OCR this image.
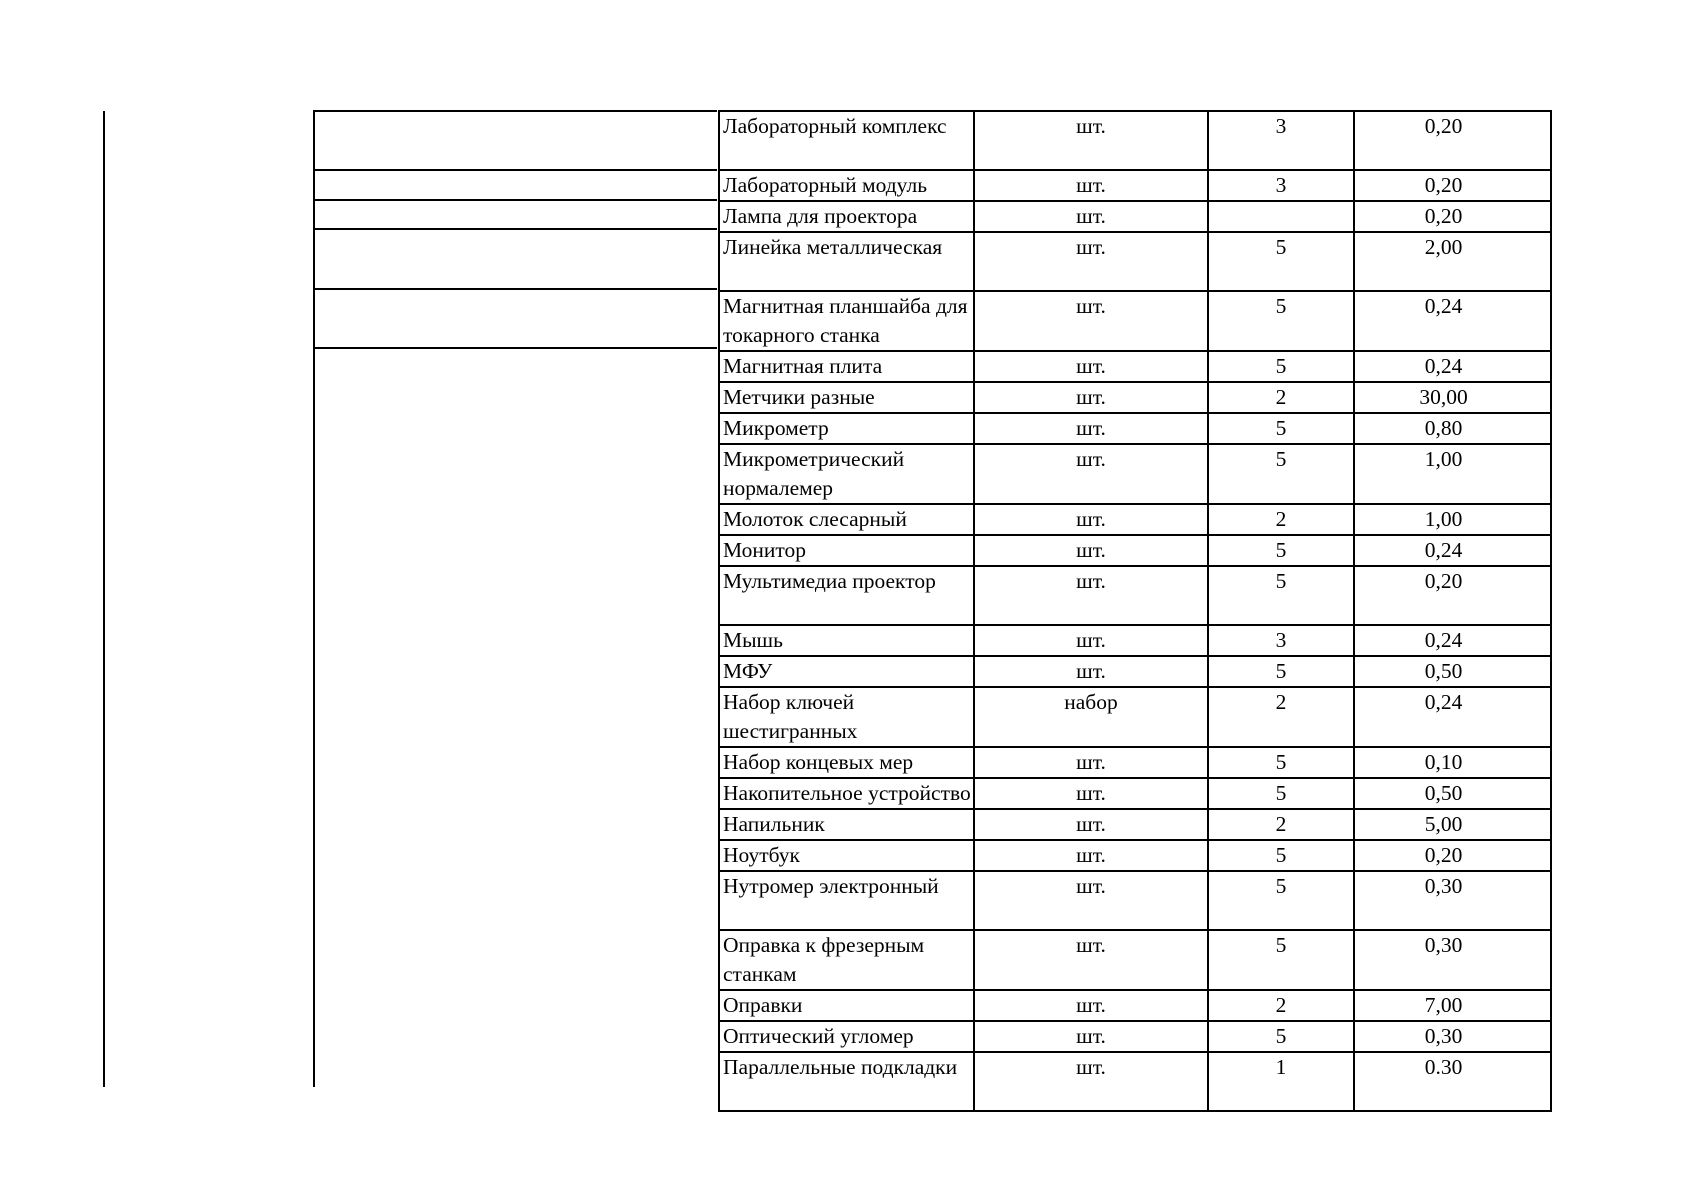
Лабораторный комплекс	шт.	3	0,20
Лабораторный модуль	шт.	3	0,20
Лампа для проектора	шт.		0,20
Линейка металлическая	шт.	5	2,00
Магнитная планшайба для токарного станка	шт.	5	0,24
Магнитная плита	шт.	5	0,24
Метчики разные	шт.	2	30,00
Микрометр	шт.	5	0,80
Микрометрический нормалемер	шт.	5	1,00
Молоток слесарный	шт.	2	1,00
Монитор	шт.	5	0,24
Мультимедиа проектор	шт.	5	0,20
Мышь	шт.	3	0,24
МФУ	шт.	5	0,50
Набор ключей шестигранных	набор	2	0,24
Набор концевых мер	шт.	5	0,10
Накопительное устройство	шт.	5	0,50
Напильник	шт.	2	5,00
Ноутбук	шт.	5	0,20
Нутромер электронный	шт.	5	0,30
Оправка к фрезерным станкам	шт.	5	0,30
Оправки	шт.	2	7,00
Оптический угломер	шт.	5	0,30
Параллельные подкладки	шт.	1	0.30
